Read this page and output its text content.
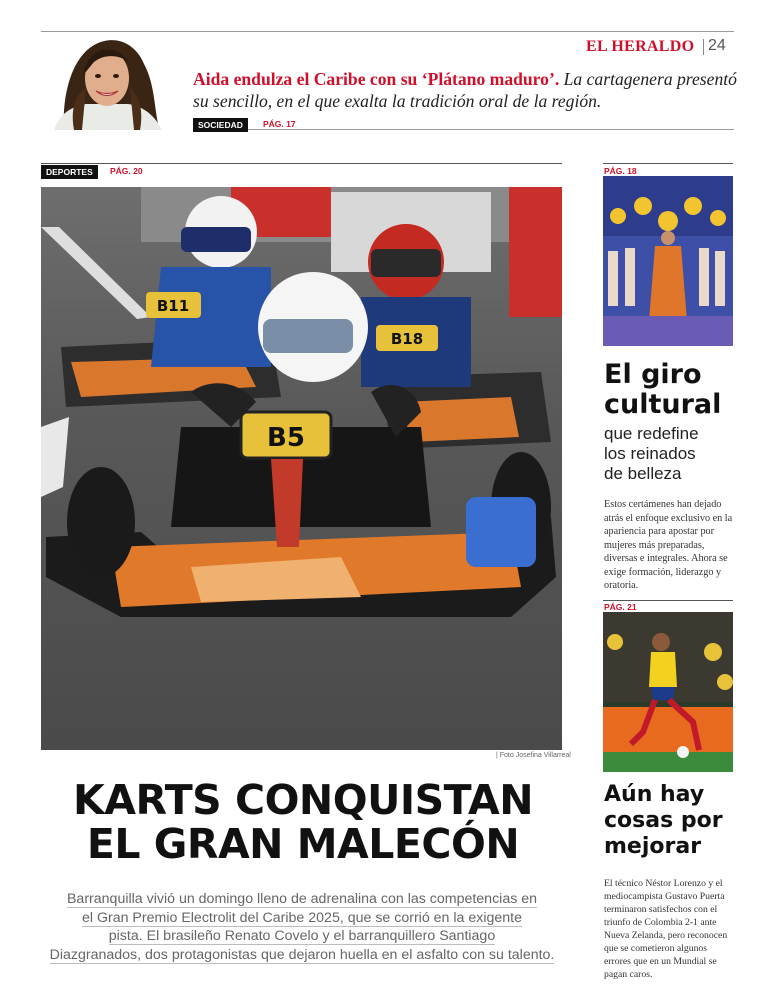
EL HERALDO 24
Aida endulza el Caribe con su ‘Plátano maduro’. La cartagenera presentó su sencillo, en el que exalta la tradición oral de la región.
SOCIEDAD	PÁG. 17
DEPORTES	PÁG. 20
B11
B18
B5
| Foto Josefina Villarreal
KARTS CONQUISTAN
EL GRAN MALECÓN
Barranquilla vivió un domingo lleno de adrenalina con las competencias en
el Gran Premio Electrolit del Caribe 2025, que se corrió en la exigente
pista. El brasileño Renato Covelo y el barranquillero Santiago
Diazgranados, dos protagonistas que dejaron huella en el asfalto con su talento.
PÁG. 18
El giro
cultural
que redefine
los reinados
de belleza
Estos certámenes han dejado atrás el enfoque exclusivo en la apariencia para apostar por mujeres más preparadas, diversas e integrales. Ahora se exige formación, liderazgo y oratoria.
PÁG. 21
Aún hay
cosas por
mejorar
El técnico Néstor Lorenzo y el mediocampista Gustavo Puerta terminaron satisfechos con el triunfo de Colombia 2-1 ante Nueva Zelanda, pero reconocen que se cometieron algunos errores que en un Mundial se pagan caros.
